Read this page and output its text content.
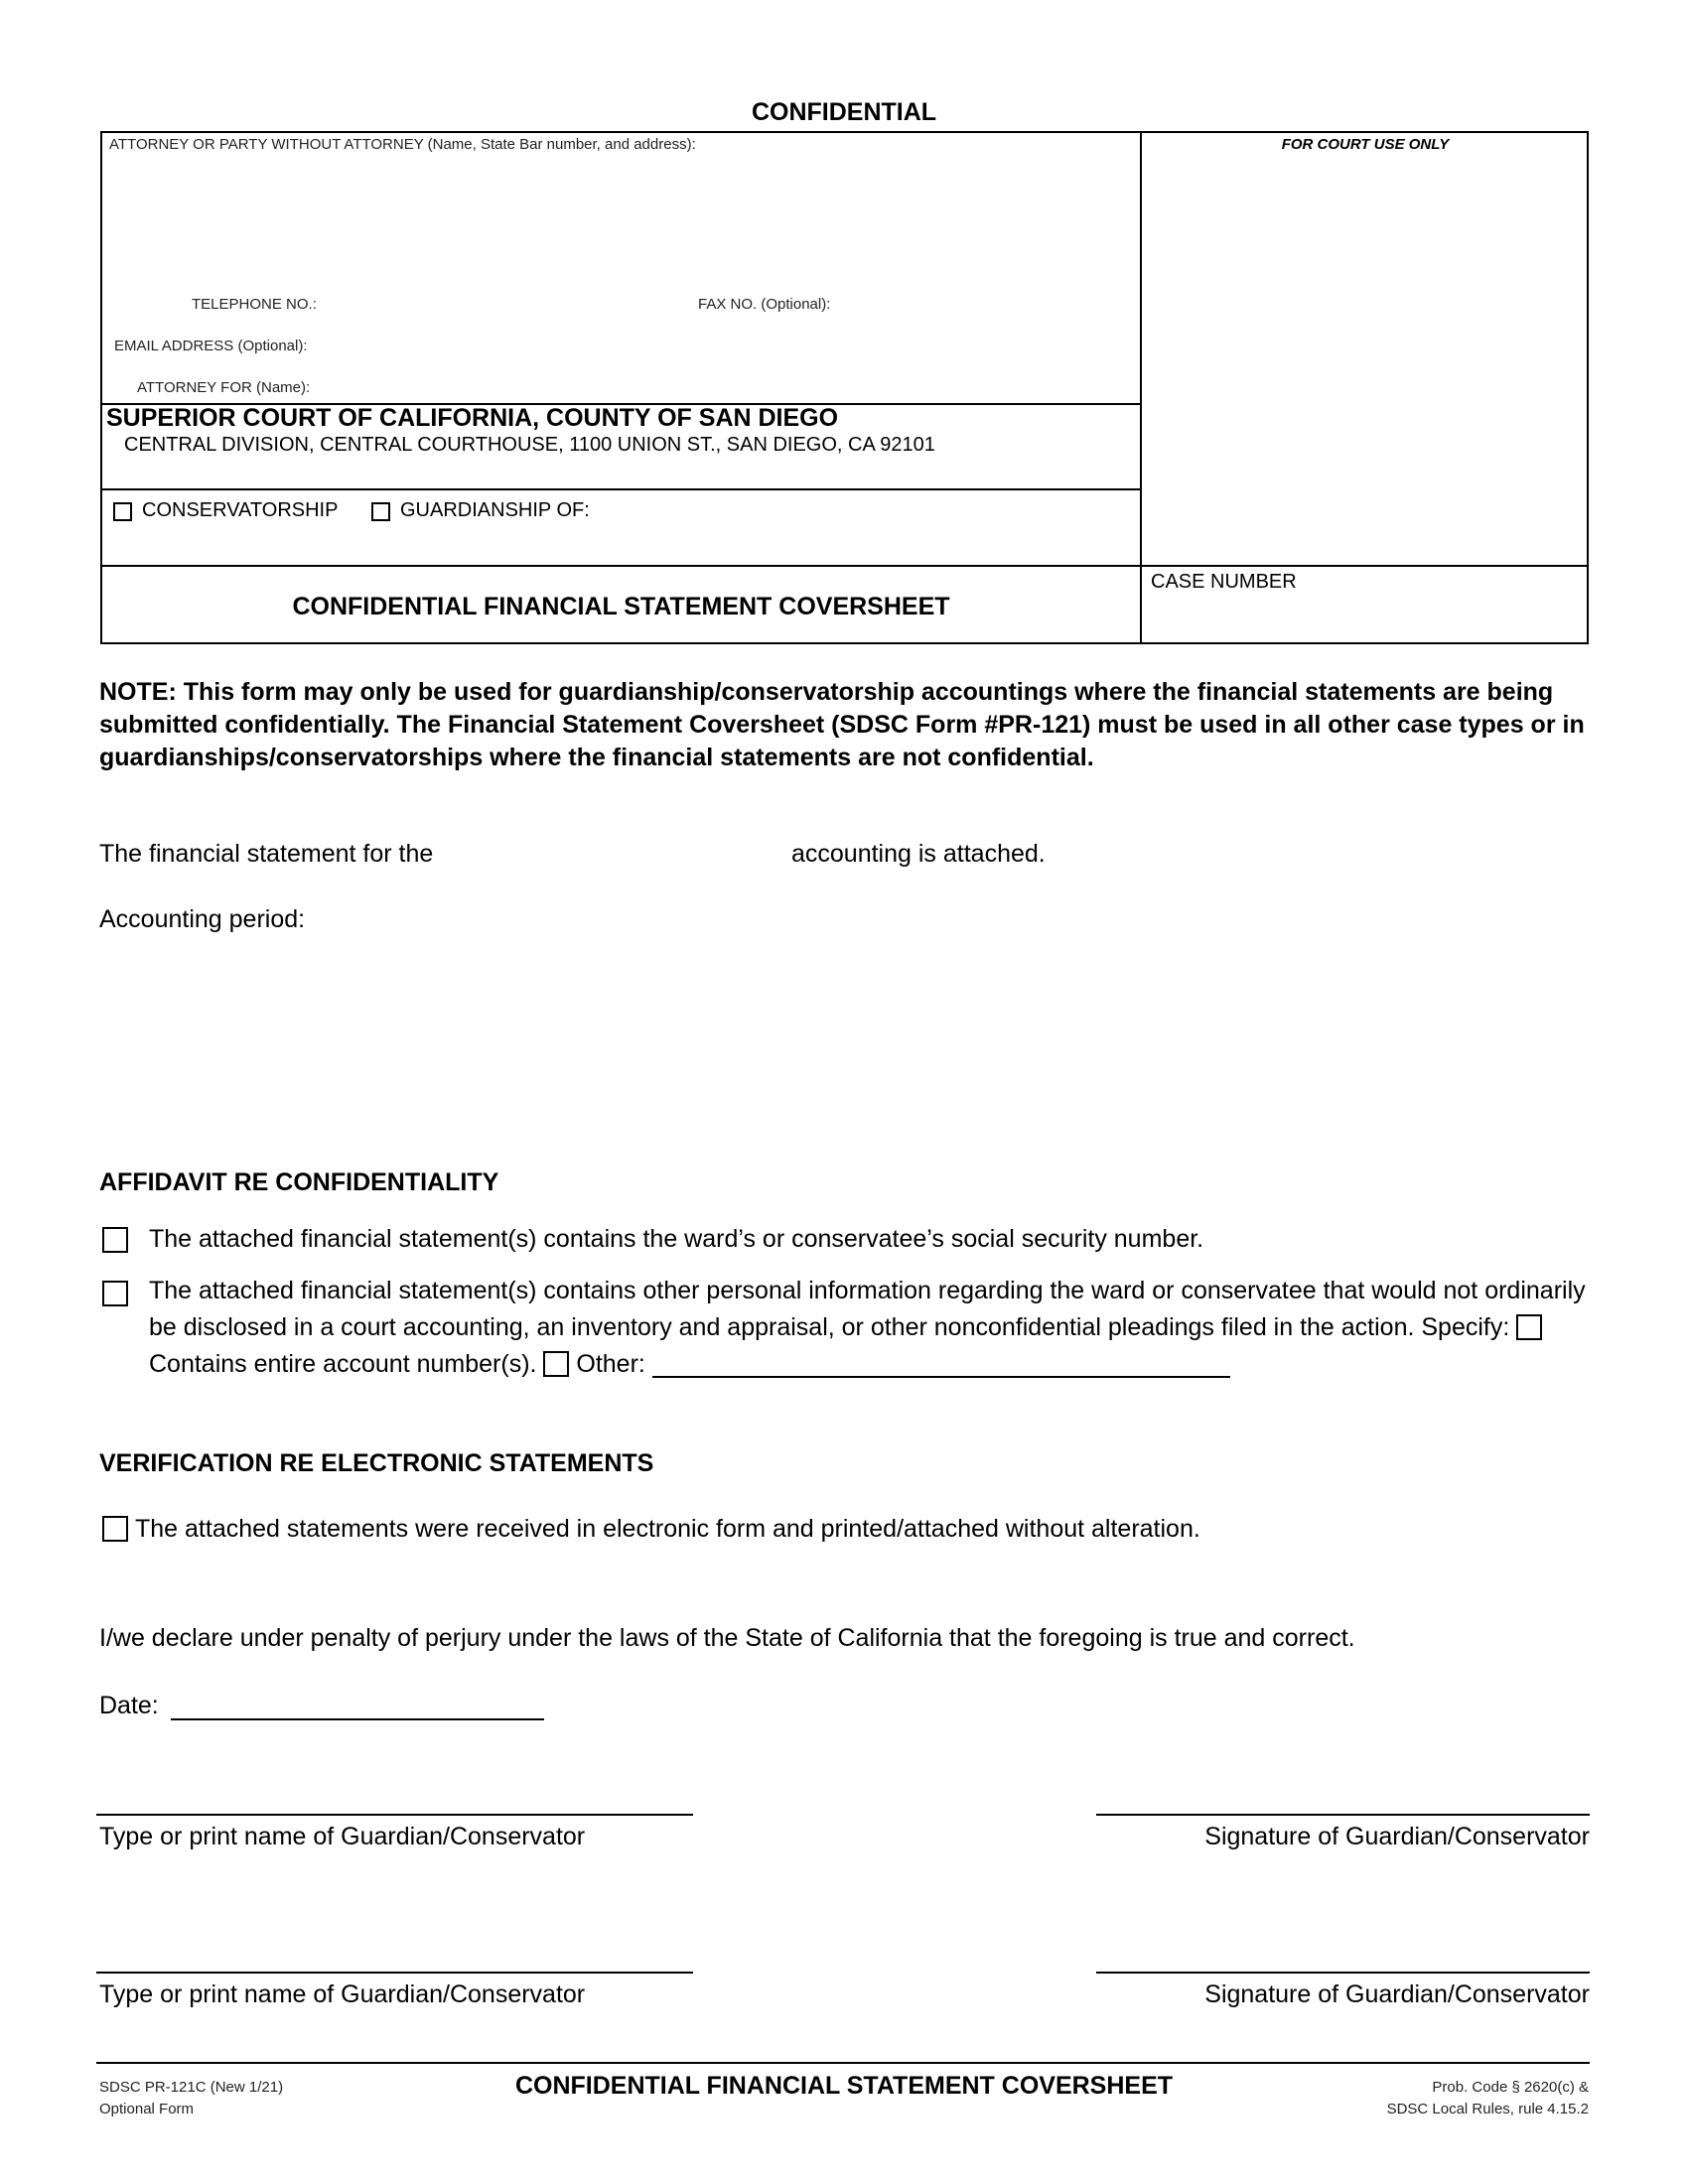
CONFIDENTIAL
ATTORNEY OR PARTY WITHOUT ATTORNEY (Name, State Bar number, and address):	FOR COURT USE ONLY
TELEPHONE NO.:	FAX NO. (Optional):
EMAIL ADDRESS (Optional):
ATTORNEY FOR (Name):
SUPERIOR COURT OF CALIFORNIA, COUNTY OF SAN DIEGO
CENTRAL DIVISION, CENTRAL COURTHOUSE, 1100 UNION ST., SAN DIEGO, CA 92101
CONSERVATORSHIP	GUARDIANSHIP OF:
CONFIDENTIAL FINANCIAL STATEMENT COVERSHEET
CASE NUMBER
NOTE: This form may only be used for guardianship/conservatorship accountings where the financial statements are being submitted confidentially. The Financial Statement Coversheet (SDSC Form #PR-121) must be used in all other case types or in guardianships/conservatorships where the financial statements are not confidential.
The financial statement for the	accounting is attached.
Accounting period:
AFFIDAVIT RE CONFIDENTIALITY
The attached financial statement(s) contains the ward’s or conservatee’s social security number.
The attached financial statement(s) contains other personal information regarding the ward or conservatee that would not ordinarily be disclosed in a court accounting, an inventory and appraisal, or other nonconfidential pleadings filed in the action. Specify:  Contains entire account number(s). Other:
VERIFICATION RE ELECTRONIC STATEMENTS
The attached statements were received in electronic form and printed/attached without alteration.
I/we declare under penalty of perjury under the laws of the State of California that the foregoing is true and correct.
Date:
Type or print name of Guardian/Conservator	Signature of Guardian/Conservator
Type or print name of Guardian/Conservator	Signature of Guardian/Conservator
SDSC PR-121C (New 1/21)
Optional Form
CONFIDENTIAL FINANCIAL STATEMENT COVERSHEET	Prob. Code § 2620(c) &
SDSC Local Rules, rule 4.15.2
